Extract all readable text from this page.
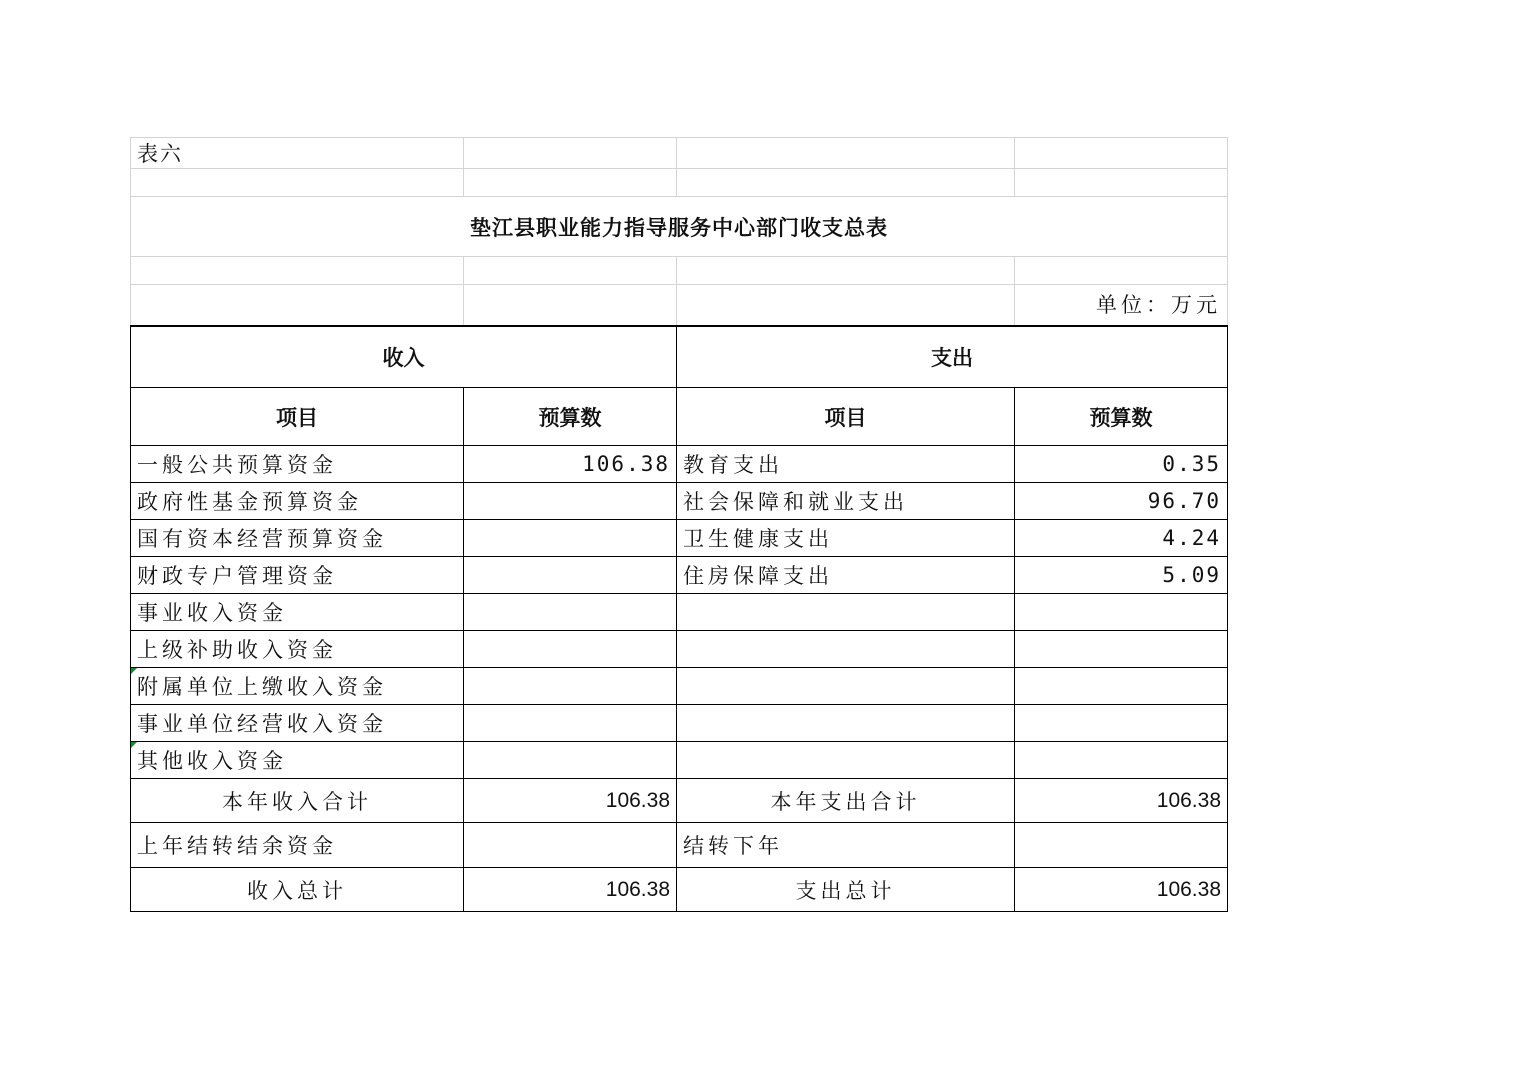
表六			

垫江县职业能力指导服务中心部门收支总表			

			单位：万元
收入		支出	
项目	预算数	项目	预算数
一般公共预算资金	106.38	教育支出	0.35
政府性基金预算资金		社会保障和就业支出	96.70
国有资本经营预算资金		卫生健康支出	4.24
财政专户管理资金		住房保障支出	5.09
事业收入资金			
上级补助收入资金			
附属单位上缴收入资金			
事业单位经营收入资金			
其他收入资金			
本年收入合计	106.38	本年支出合计	106.38
上年结转结余资金		结转下年	
收入总计	106.38	支出总计	106.38
